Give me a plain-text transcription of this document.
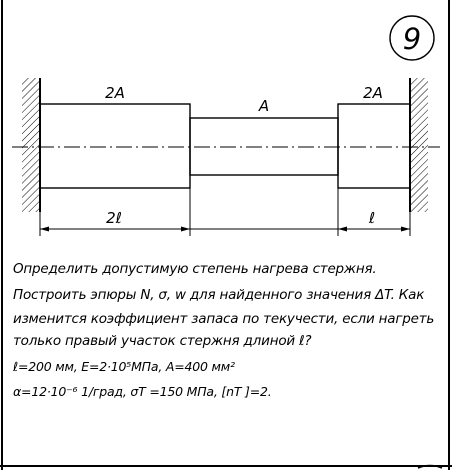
9
2A
A
2A
2ℓ	ℓ
Определить допустимую степень нагрева стержня.
Построить эпюры N, σ, w для найденного значения ΔT. Как
изменится коэффициент запаса по текучести, если нагреть
только правый участок стержня длиной ℓ?
ℓ=200 мм, E=2·10⁵МПа, A=400 мм²
α=12·10⁻⁶ 1/град, σT =150 МПа, [nT ]=2.
